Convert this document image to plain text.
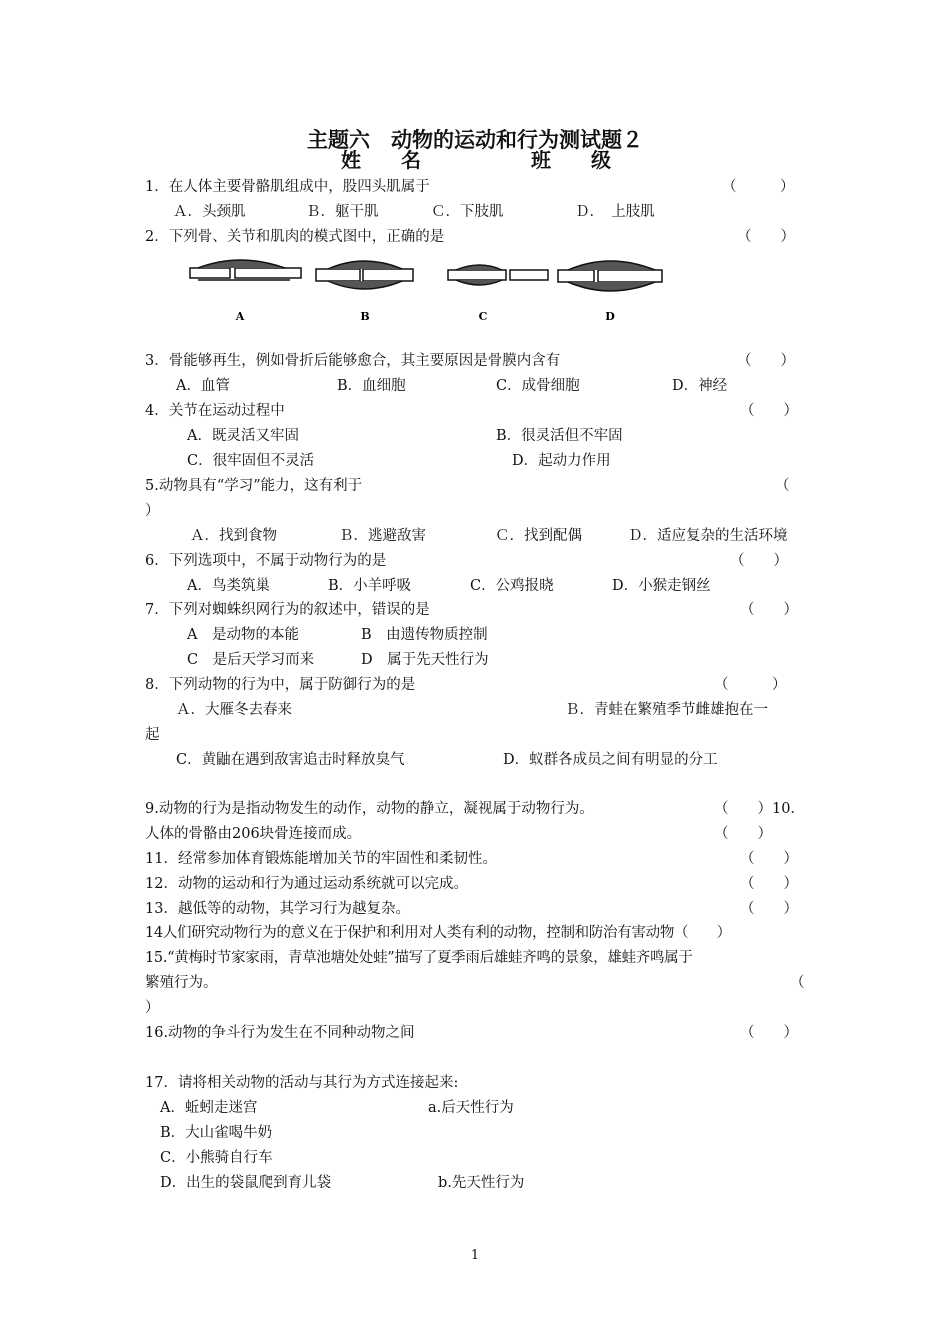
主题六　动物的运动和行为测试题２
姓　　名	班　　级
1．在人体主要骨骼肌组成中，股四头肌属于	（　　　）
Ａ．头颈肌	Ｂ．躯干肌	Ｃ．下肢肌	Ｄ．　上肢肌
2．下列骨、关节和肌肉的模式图中，正确的是	（　　）
A	B	C	D
3．骨能够再生，例如骨折后能够愈合，其主要原因是骨膜内含有	（　　）
A．血管	B．血细胞	C．成骨细胞	D．神经
4．关节在运动过程中	（　　）
A．既灵活又牢固	B．很灵活但不牢固
C．很牢固但不灵活	D．起动力作用
5.动物具有“学习”能力，这有利于	（
）
Ａ．找到食物	Ｂ．逃避敌害	Ｃ．找到配偶	Ｄ．适应复杂的生活环境
6．下列选项中，不属于动物行为的是	（　　）
A．鸟类筑巢	B．小羊呼吸	C．公鸡报晓	D．小猴走钢丝
7．下列对蜘蛛织网行为的叙述中，错误的是	（　　）
A　是动物的本能	B　由遗传物质控制
C　是后天学习而来	D　属于先天性行为
8．下列动物的行为中，属于防御行为的是	（　　　）
Ａ．大雁冬去春来	Ｂ．青蛙在繁殖季节雌雄抱在一
起
C．黄鼬在遇到敌害追击时释放臭气	D．蚁群各成员之间有明显的分工
9.动物的行为是指动物发生的动作，动物的静立，凝视属于动物行为。	（　　）10．
人体的骨骼由206块骨连接而成。	（　　）
11．经常参加体育锻炼能增加关节的牢固性和柔韧性。	（　　）
12．动物的运动和行为通过运动系统就可以完成。	（　　）
13．越低等的动物，其学习行为越复杂。	（　　）
14人们研究动物行为的意义在于保护和利用对人类有利的动物，控制和防治有害动物（　　）
15.“黄梅时节家家雨，青草池塘处处蛙”描写了夏季雨后雄蛙齐鸣的景象，雄蛙齐鸣属于
繁殖行为。	（
）
16.动物的争斗行为发生在不同种动物之间	（　　）
17．请将相关动物的活动与其行为方式连接起来:
A．蚯蚓走迷宫	a.后天性行为
B．大山雀喝牛奶
C．小熊骑自行车
D．出生的袋鼠爬到育儿袋	b.先天性行为
1
